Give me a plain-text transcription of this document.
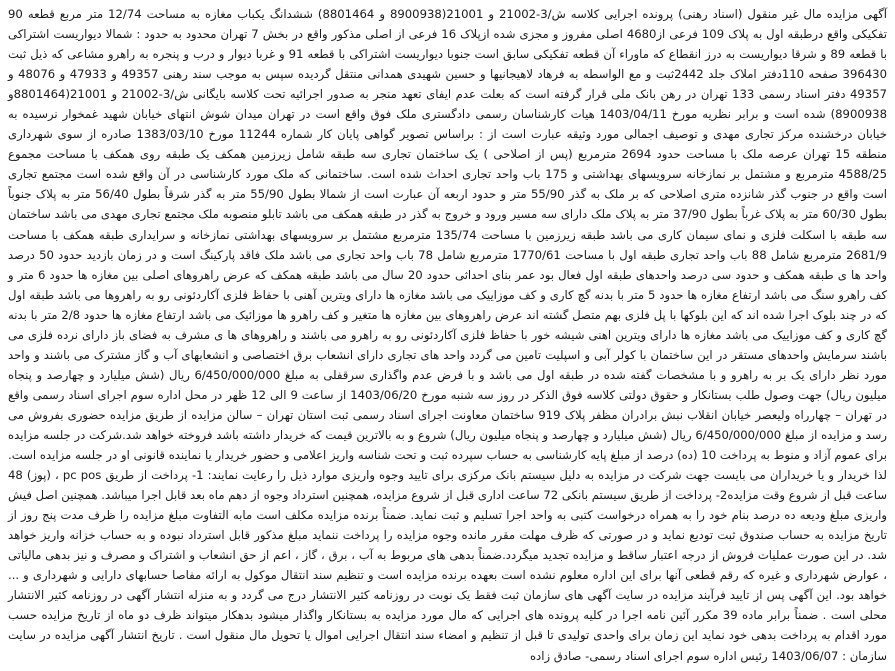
آگهی مزایده مال غیر منقول (اسناد رهنی) پرونده اجرایی کلاسه ش/3-21002 و 21001(8900938 و 8801464) ششدانگ یکباب مغازه به مساحت 12/74 متر مربع قطعه 90 تفکیکی واقع درطبقه اول به پلاک 109 فرعی از4680 اصلی مفروز و مجزی شده ازپلاک 16 فرعی از اصلی مذکور واقع در بخش 7 تهران محدود به حدود : شمالا دیواریست اشتراکی با قطعه 89 و شرقا دیواریست به درز انقطاع که ماوراء آن قطعه تفکیکی سابق است جنوبا دیواریست اشتراکی با قطعه 91 و غربا دیوار و درب و پنجره به راهرو مشاعی که ذیل ثبت 396430 صفحه 110دفتر املاک جلد 2442ثبت و مع الواسطه به فرهاد لاهیجانیها و حسین شهیدی همدانی منتقل گردیده سپس به موجب سند رهنی 49357 و 47933 و 48076 و 49357 دفتر اسناد رسمی 133 تهران در رهن بانک ملی قرار گرفته است که بعلت عدم ایفای تعهد منجر به صدور اجرائیه تحت کلاسه بایگانی ش/3-21002 و 21001(8801464و 8900938) شده است و برابر نظریه مورخ 1403/04/11 هیات کارشناسان رسمی دادگستری ملک فوق واقع است در تهران میدان شوش انتهای خیابان شهید غمخوار نرسیده به خیابان درخشنده مرکز تجاری مهدی و توصیف اجمالی مورد وثیقه عبارت است از : براساس تصویر گواهی پایان کار شماره 11244 مورخ 1383/03/10 صادره از سوی شهرداری منطقه 15 تهران عرصه ملک با مساحت حدود 2694 مترمربع (پس از اصلاحی ) یک ساختمان تجاری سه طبقه شامل زیرزمین همکف یک طبقه روی همکف با مساحت مجموع 4588/25 مترمربع و مشتمل بر نمازخانه سرویسهای بهداشتی و 175 باب واحد تجاری احداث شده است. ساختمانی که ملک مورد کارشناسی در آن واقع شده است مجتمع تجاری است واقع در جنوب گذر شانزده متری اصلاحی که بر ملک به گذر 55/90 متر و حدود اربعه آن عبارت است از شمالا بطول 55/90 متر به گذر شرقاً بطول 56/40 متر به پلاک جنوباً بطول 60/30 متر به پلاک غرباً بطول 37/90 متر به پلاک ملک دارای سه مسیر ورود و خروج به گذر در طبقه همکف می باشد تابلو منصوبه ملک مجتمع تجاری مهدی می باشد ساختمان سه طبقه با اسکلت فلزی و نمای سیمان کاری می باشد طبقه زیرزمین با مساحت 135/74 مترمربع مشتمل بر سرویسهای بهداشتی نمازخانه و سرایداری طبقه همکف با مساحت 2681/9 مترمربع شامل 88 باب واحد تجاری طبقه اول با مساحت 1770/61 مترمربع شامل 78 باب واحد تجاری می باشد ملک فاقد پارکینگ است و در زمان بازدید حدود 50 درصد واحد ها ی طبقه همکف و حدود سی درصد واحدهای طبقه اول فعال بود عمر بنای احداثی حدود 20 سال می باشد طبقه همکف که عرض راهروهای اصلی بین مغازه ها حدود 6 متر و کف راهرو سنگ می باشد ارتفاع مغازه ها حدود 5 متر با بدنه گچ کاری و کف موزاییک می باشد مغازه ها دارای ویترین آهنی با حفاظ فلزی آکاردئونی رو به راهروها می باشد طبقه اول که در چند بلوک اجرا شده اند که این بلوکها با پل فلزی بهم متصل گشته اند عرض راهروهای بین مغازه ها متغیر و کف راهرو ها موزائیک می باشد ارتفاع مغازه ها حدود 2/8 متر با بدنه گچ کاری و کف موزاییک می باشد مغازه ها دارای ویترین اهنی شیشه خور با حفاظ فلزی آکاردئونی رو به راهرو می باشند و راهروهای ها ی مشرف به فضای باز دارای نرده فلزی می باشند سرمایش واحدهای مستقر در این ساختمان با کولر آبی و اسپلیت تامین می گردد واحد های تجاری دارای انشعاب برق اختصاصی و انشعابهای آب و گاز مشترک می باشند و واحد مورد نظر دارای یک بر به راهرو و با مشخصات گفته شده در طبقه اول می باشد و با فرض عدم واگذاری سرقفلی به مبلغ 6/450/000/000 ریال (شش میلیارد و چهارصد و پنجاه میلیون ریال) جهت وصول طلب بستانکار و حقوق دولتی کلاسه فوق الذکر در روز سه شنبه مورخ 1403/06/20 از ساعت 9 الی 12 ظهر در محل اداره سوم اجرای اسناد رسمی واقع در تهران – چهارراه ولیعصر خیابان انقلاب نبش برادران مظفر پلاک 919 ساختمان معاونت اجرای اسناد رسمی ثبت استان تهران – سالن مزایده از طریق مزایده حضوری بفروش می رسد و مزایده از مبلغ 6/450/000/000 ریال (شش میلیارد و چهارصد و پنجاه میلیون ریال) شروع و به بالاترین قیمت که خریدار داشته باشد فروخته خواهد شد.شرکت در جلسه مزایده برای عموم آزاد و منوط به پرداخت 10 (ده) درصد از مبلغ پایه کارشناسی به حساب سپرده ثبت و تحت شناسه واریز اعلامی و حضور خریدار یا نماینده قانونی او در جلسه مزایده است. لذا خریدار و یا خریداران می بایست جهت شرکت در مزایده به دلیل سیستم بانک مرکزی برای تایید وجوه واریزی موارد ذیل را رعایت نمایند: 1- پرداخت از طریق pc pos ، (پوز) 48 ساعت قبل از شروع وقت مزایده2- پرداخت از طریق سیستم بانکی 72 ساعت اداری قبل از شروع مزایده، همچنین استرداد وجوه از دهم ماه بعد قابل اجرا میباشد. همچنین اصل فیش واریزی مبلغ ودیعه ده درصد بنام خود را به همراه درخواست کتبی به واحد اجرا تسلیم و ثبت نماید. ضمناً برنده مزایده مکلف است مابه التفاوت مبلغ مزایده را ظرف مدت پنج روز از تاریخ مزایده به حساب صندوق ثبت تودیع نماید و در صورتی که ظرف مهلت مقرر مانده وجوه مزایده را پرداخت ننماید مبلغ مذکور قابل استرداد نبوده و به حساب خزانه واریز خواهد شد. در این صورت عملیات فروش از درجه اعتبار ساقط و مزایده تجدید میگردد.ضمناً بدهی های مربوط به آب ، برق ، گاز ، اعم از حق انشعاب و اشتراک و مصرف و نیز بدهی مالیاتی ، عوارض شهرداری و غیره که رقم قطعی آنها برای این اداره معلوم نشده است بعهده برنده مزایده است و تنظیم سند انتقال موکول به ارائه مفاصا حسابهای دارایی و شهرداری و ... خواهد بود. این آگهی پس از تایید فرآیند مزایده در سایت آگهی های سازمان ثبت فقط یک نوبت در روزنامه کثیر الانتشار درج می گردد و به منزله انتشار آگهی در روزنامه کثیر الانتشار محلی است . ضمناً برابر ماده 39 مکرر آئین نامه اجرا در کلیه پرونده های اجرایی که مال مورد مزایده به بستانکار واگذار میشود بدهکار میتواند ظرف دو ماه از تاریخ مزایده حسب مورد اقدام به پرداخت بدهی خود نماید این زمان برای واحدی تولیدی تا قبل از تنظیم و امضاء سند انتقال اجرایی اموال یا تحویل مال منقول است . تاریخ انتشار آگهی مزایده در سایت سازمان : 1403/06/07 رئیس اداره سوم اجرای اسناد رسمی- صادق زاده
